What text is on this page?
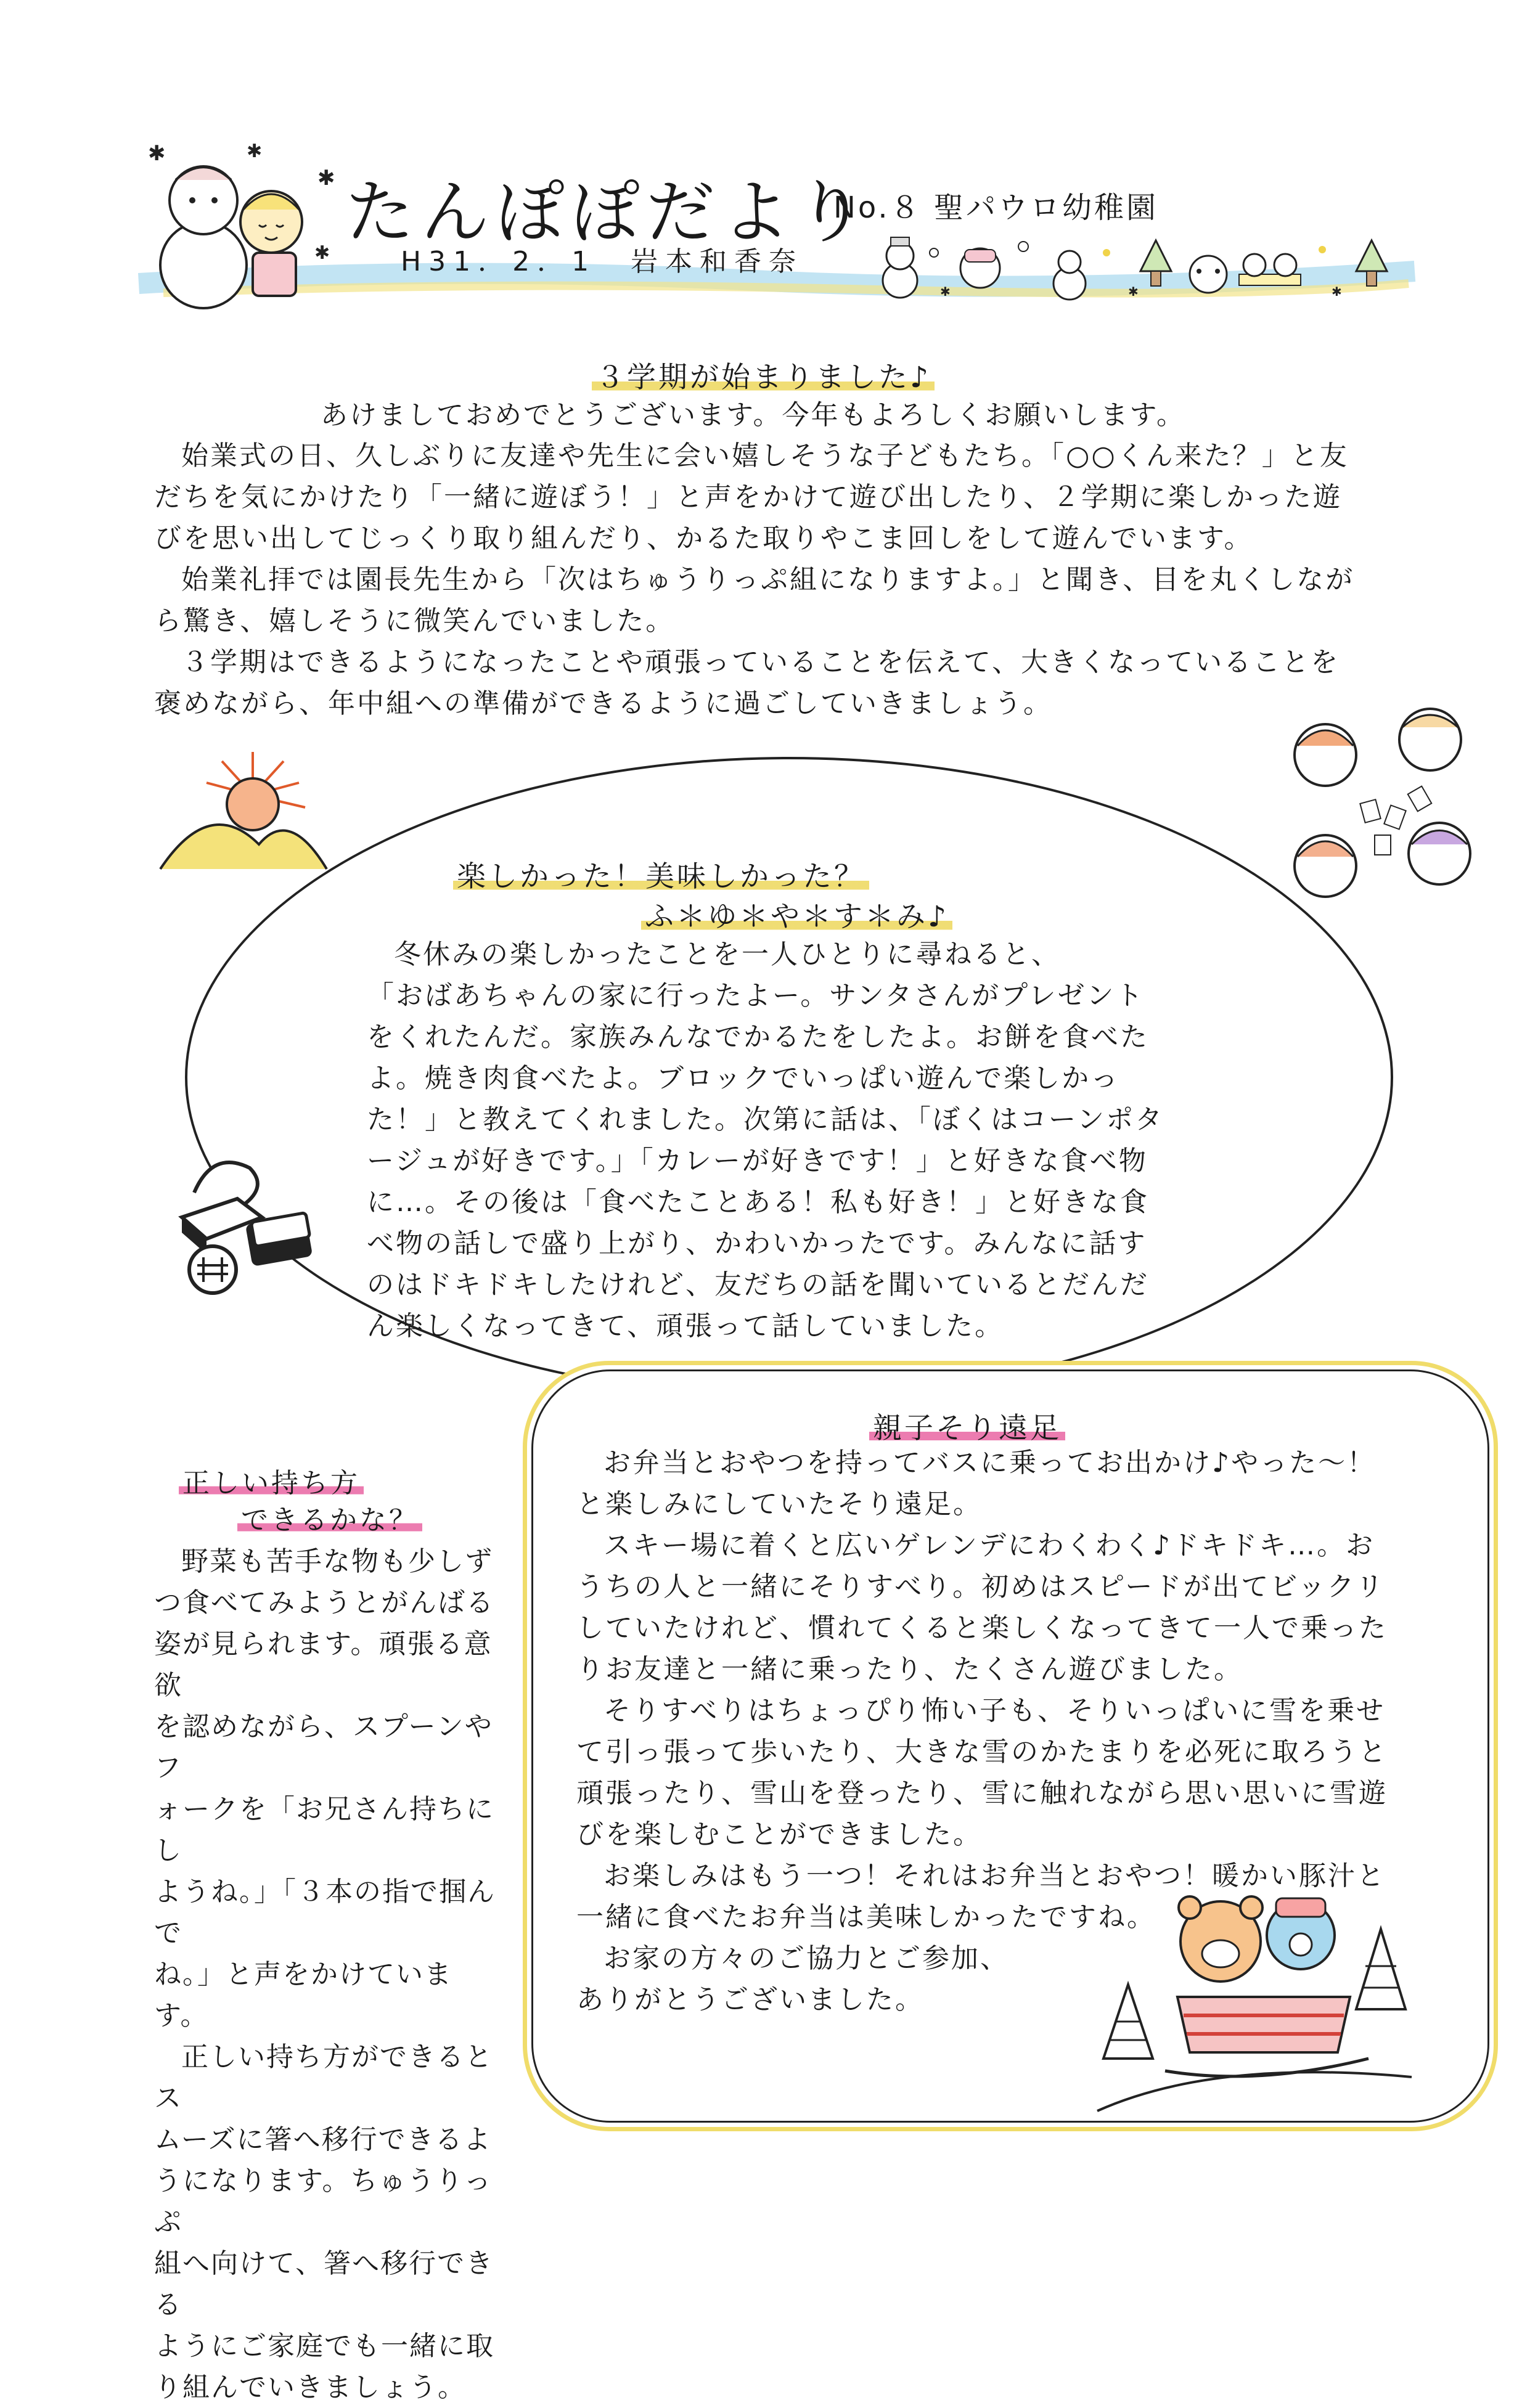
✱
✱
✱
✱
たんぽぽだより
No.８ 聖パウロ幼稚園
H31．2．1　岩本和香奈
✱	✱	✱
３学期が始まりました♪
あけましておめでとうございます。今年もよろしくお願いします。
始業式の日、久しぶりに友達や先生に会い嬉しそうな子どもたち。「○○くん来た？」と友
だちを気にかけたり「一緒に遊ぼう！」と声をかけて遊び出したり、２学期に楽しかった遊
びを思い出してじっくり取り組んだり、かるた取りやこま回しをして遊んでいます。
始業礼拝では園長先生から「次はちゅうりっぷ組になりますよ。」と聞き、目を丸くしなが
ら驚き、嬉しそうに微笑んでいました。
３学期はできるようになったことや頑張っていることを伝えて、大きくなっていることを
褒めながら、年中組への準備ができるように過ごしていきましょう。
楽しかった！美味しかった？
ふ＊ゆ＊や＊す＊み♪
冬休みの楽しかったことを一人ひとりに尋ねると、
「おばあちゃんの家に行ったよー。サンタさんがプレゼント
をくれたんだ。家族みんなでかるたをしたよ。お餅を食べた
よ。焼き肉食べたよ。ブロックでいっぱい遊んで楽しかっ
た！」と教えてくれました。次第に話は、「ぼくはコーンポタ
ージュが好きです。」「カレーが好きです！」と好きな食べ物
に…。その後は「食べたことある！私も好き！」と好きな食
べ物の話しで盛り上がり、かわいかったです。みんなに話す
のはドキドキしたけれど、友だちの話を聞いているとだんだ
ん楽しくなってきて、頑張って話していました。
正しい持ち方
できるかな？
野菜も苦手な物も少しず
つ食べてみようとがんばる
姿が見られます。頑張る意欲
を認めながら、スプーンやフ
ォークを「お兄さん持ちにし
ようね。」「３本の指で掴んで
ね。」と声をかけています。
正しい持ち方ができるとス
ムーズに箸へ移行できるよ
うになります。ちゅうりっぷ
組へ向けて、箸へ移行できる
ようにご家庭でも一緒に取
り組んでいきましょう。
親子そり遠足
お弁当とおやつを持ってバスに乗ってお出かけ♪やった～！
と楽しみにしていたそり遠足。
スキー場に着くと広いゲレンデにわくわく♪ドキドキ…。お
うちの人と一緒にそりすべり。初めはスピードが出てビックリ
していたけれど、慣れてくると楽しくなってきて一人で乗った
りお友達と一緒に乗ったり、たくさん遊びました。
そりすべりはちょっぴり怖い子も、そりいっぱいに雪を乗せ
て引っ張って歩いたり、大きな雪のかたまりを必死に取ろうと
頑張ったり、雪山を登ったり、雪に触れながら思い思いに雪遊
びを楽しむことができました。
お楽しみはもう一つ！それはお弁当とおやつ！暖かい豚汁と
一緒に食べたお弁当は美味しかったですね。
お家の方々のご協力とご参加、
ありがとうございました。
